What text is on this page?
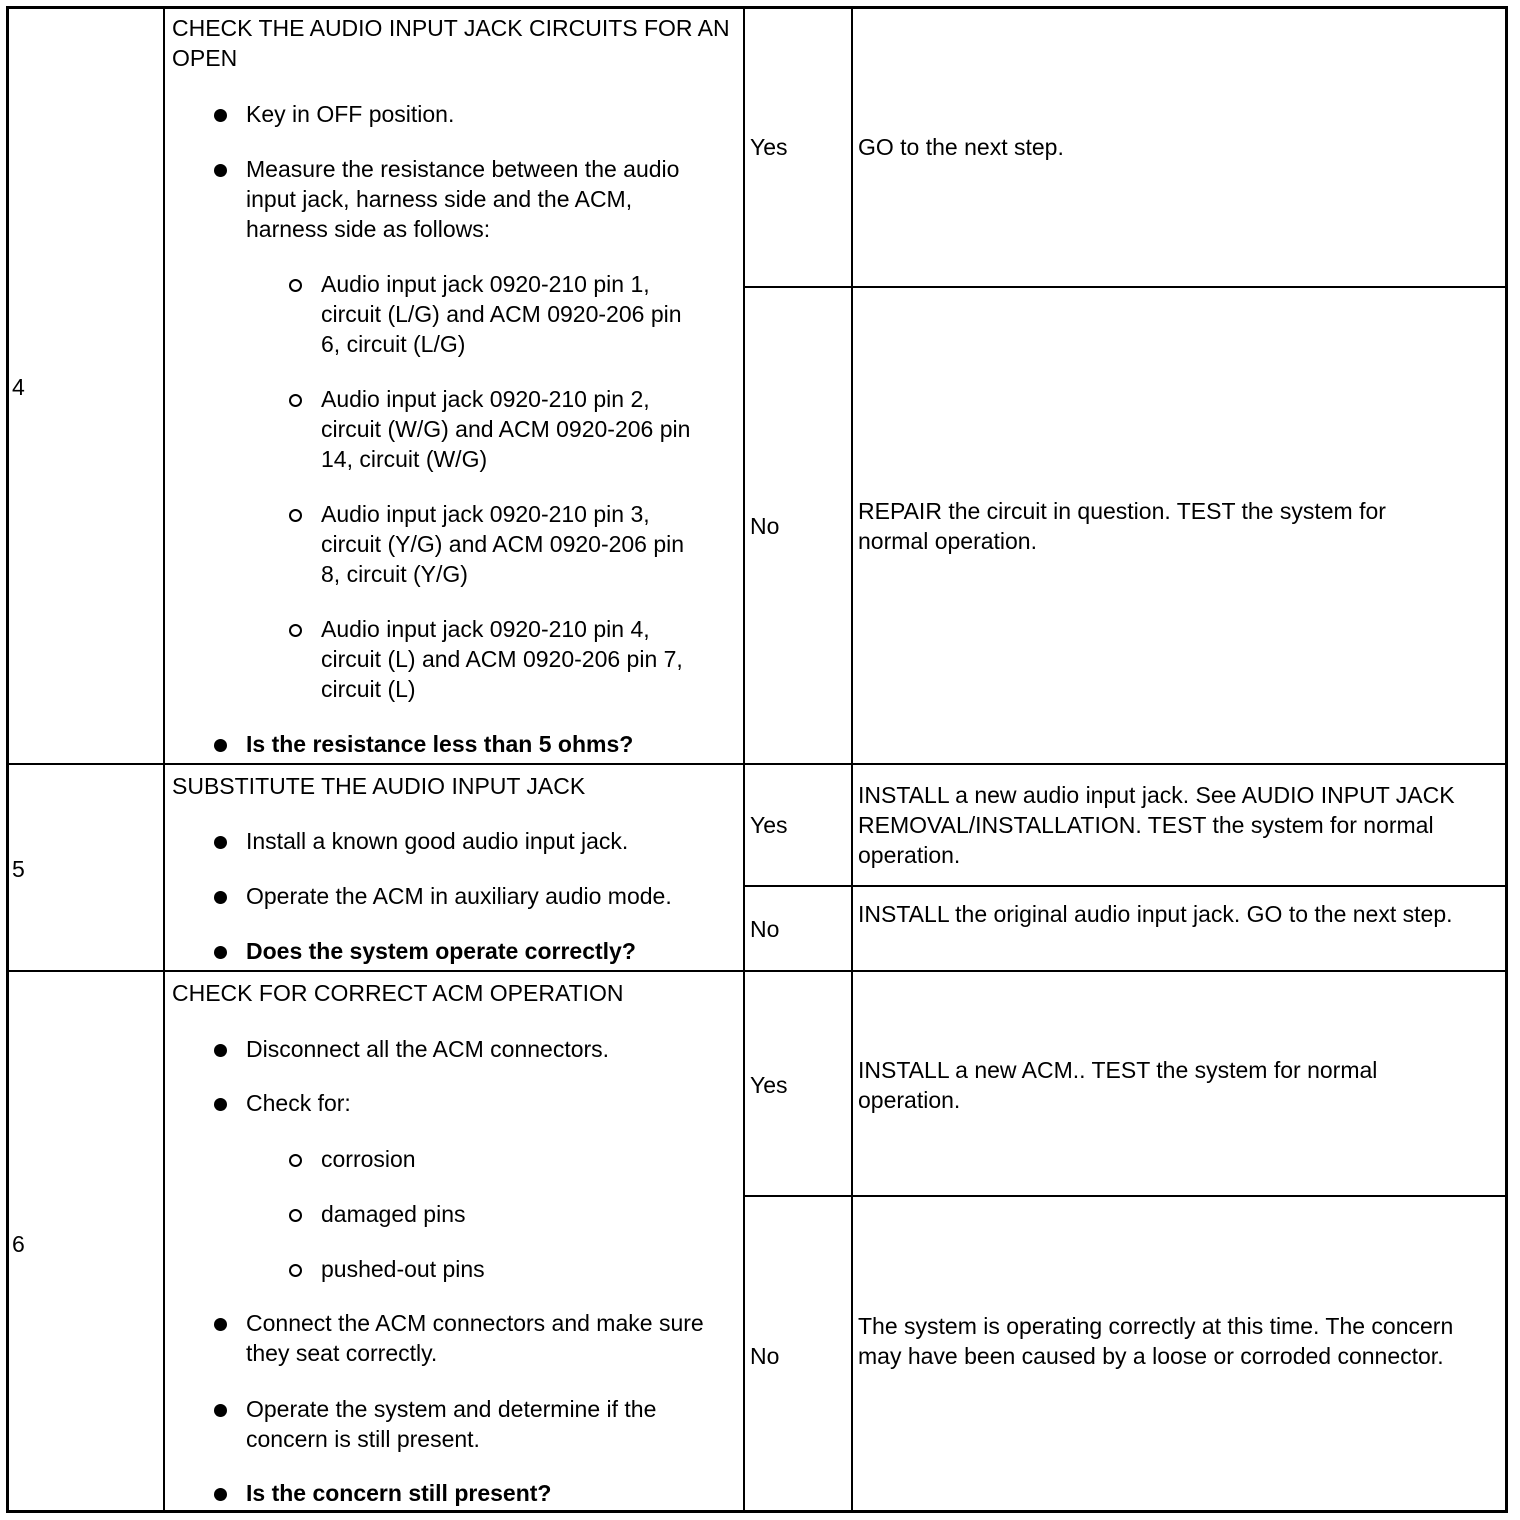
4
CHECK THE AUDIO INPUT JACK CIRCUITS FOR AN OPEN
Key in OFF position.
Measure the resistance between the audio input jack, harness side and the ACM, harness side as follows:
Audio input jack 0920-210 pin 1, circuit (L/G) and ACM 0920-206 pin 6, circuit (L/G)
Audio input jack 0920-210 pin 2, circuit (W/G) and ACM 0920-206 pin 14, circuit (W/G)
Audio input jack 0920-210 pin 3, circuit (Y/G) and ACM 0920-206 pin 8, circuit (Y/G)
Audio input jack 0920-210 pin 4, circuit (L) and ACM 0920-206 pin 7, circuit (L)
Is the resistance less than 5 ohms?
Yes	GO to the next step.
No
REPAIR the circuit in question. TEST the system for normal operation.
5
SUBSTITUTE THE AUDIO INPUT JACK
Install a known good audio input jack.
Operate the ACM in auxiliary audio mode.
Does the system operate correctly?
Yes
INSTALL a new audio input jack. See AUDIO INPUT JACK REMOVAL/INSTALLATION. TEST the system for normal operation.
No
INSTALL the original audio input jack. GO to the next step.
6
CHECK FOR CORRECT ACM OPERATION
Disconnect all the ACM connectors.
Check for:
corrosion
damaged pins
pushed-out pins
Connect the ACM connectors and make sure they seat correctly.
Operate the system and determine if the concern is still present.
Is the concern still present?
Yes
INSTALL a new ACM.. TEST the system for normal operation.
No
The system is operating correctly at this time. The concern may have been caused by a loose or corroded connector.
